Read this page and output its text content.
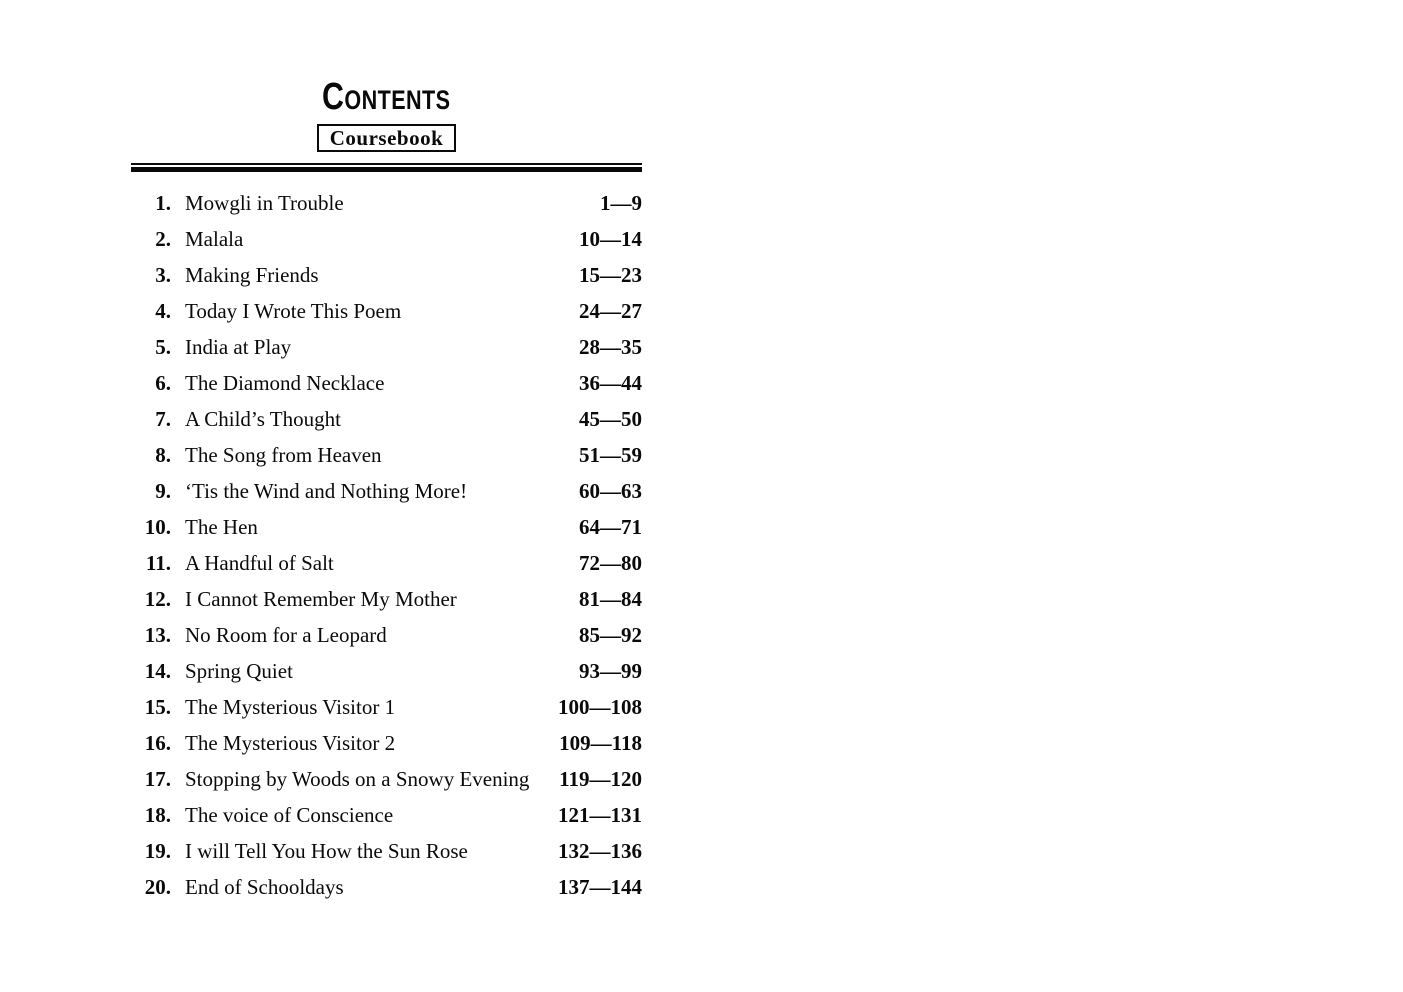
CONTENTS
Coursebook
1. Mowgli in Trouble	1—9
2. Malala	10—14
3. Making Friends	15—23
4. Today I Wrote This Poem	24—27
5. India at Play	28—35
6. The Diamond Necklace	36—44
7. A Child’s Thought	45—50
8. The Song from Heaven	51—59
9. ‘Tis the Wind and Nothing More!	60—63
10. The Hen	64—71
11. A Handful of Salt	72—80
12. I Cannot Remember My Mother	81—84
13. No Room for a Leopard	85—92
14. Spring Quiet	93—99
15. The Mysterious Visitor 1	100—108
16. The Mysterious Visitor 2	109—118
17. Stopping by Woods on a Snowy Evening	119—120
18. The voice of Conscience	121—131
19. I will Tell You How the Sun Rose	132—136
20. End of Schooldays	137—144
